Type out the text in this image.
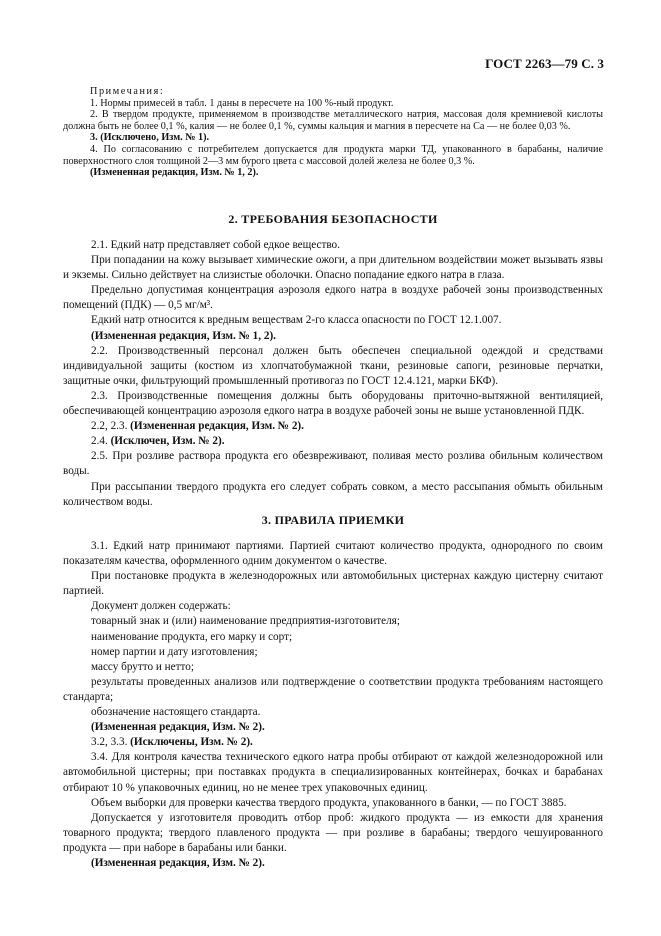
ГОСТ 2263—79 С. 3

Примечания:

1. Нормы примесей в табл. 1 даны в пересчете на 100 %-ный продукт.

2. В твердом продукте, применяемом в производстве металлического натрия, массовая доля кремниевой кислоты должна быть не более 0,1 %, калия — не более 0,1 %, суммы кальция и магния в пересчете на Са — не более 0,03 %.

3. (Исключено, Изм. № 1).

4. По согласованию с потребителем допускается для продукта марки ТД, упакованного в барабаны, наличие поверхностного слоя толщиной 2—3 мм бурого цвета с массовой долей железа не более 0,3 %.

(Измененная редакция, Изм. № 1, 2).

2. ТРЕБОВАНИЯ БЕЗОПАСНОСТИ

2.1. Едкий натр представляет собой едкое вещество.

При попадании на кожу вызывает химические ожоги, а при длительном воздействии может вызывать язвы и экземы. Сильно действует на слизистые оболочки. Опасно попадание едкого натра в глаза.

Предельно допустимая концентрация аэрозоля едкого натра в воздухе рабочей зоны производственных помещений (ПДК) — 0,5 мг/м³.

Едкий натр относится к вредным веществам 2-го класса опасности по ГОСТ 12.1.007.

(Измененная редакция, Изм. № 1, 2).

2.2. Производственный персонал должен быть обеспечен специальной одеждой и средствами индивидуальной защиты (костюм из хлопчатобумажной ткани, резиновые сапоги, резиновые перчатки, защитные очки, фильтрующий промышленный противогаз по ГОСТ 12.4.121, марки БКФ).

2.3. Производственные помещения должны быть оборудованы приточно-вытяжной вентиляцией, обеспечивающей концентрацию аэрозоля едкого натра в воздухе рабочей зоны не выше установленной ПДК.

2.2, 2.3. (Измененная редакция, Изм. № 2).

2.4. (Исключен, Изм. № 2).

2.5. При розливе раствора продукта его обезвреживают, поливая место розлива обильным количеством воды.

При рассыпании твердого продукта его следует собрать совком, а место рассыпания обмыть обильным количеством воды.

3. ПРАВИЛА ПРИЕМКИ

3.1. Едкий натр принимают партиями. Партией считают количество продукта, однородного по своим показателям качества, оформленного одним документом о качестве.

При постановке продукта в железнодорожных или автомобильных цистернах каждую цистерну считают партией.

Документ должен содержать:

товарный знак и (или) наименование предприятия-изготовителя;

наименование продукта, его марку и сорт;

номер партии и дату изготовления;

массу брутто и нетто;

результаты проведенных анализов или подтверждение о соответствии продукта требованиям настоящего стандарта;

обозначение настоящего стандарта.

(Измененная редакция, Изм. № 2).

3.2, 3.3. (Исключены, Изм. № 2).

3.4. Для контроля качества технического едкого натра пробы отбирают от каждой железнодорожной или автомобильной цистерны; при поставках продукта в специализированных контейнерах, бочках и барабанах отбирают 10 % упаковочных единиц, но не менее трех упаковочных единиц.

Объем выборки для проверки качества твердого продукта, упакованного в банки, — по ГОСТ 3885.

Допускается у изготовителя проводить отбор проб: жидкого продукта — из емкости для хранения товарного продукта; твердого плавленого продукта — при розливе в барабаны; твердого чешуированного продукта — при наборе в барабаны или банки.

(Измененная редакция, Изм. № 2).
